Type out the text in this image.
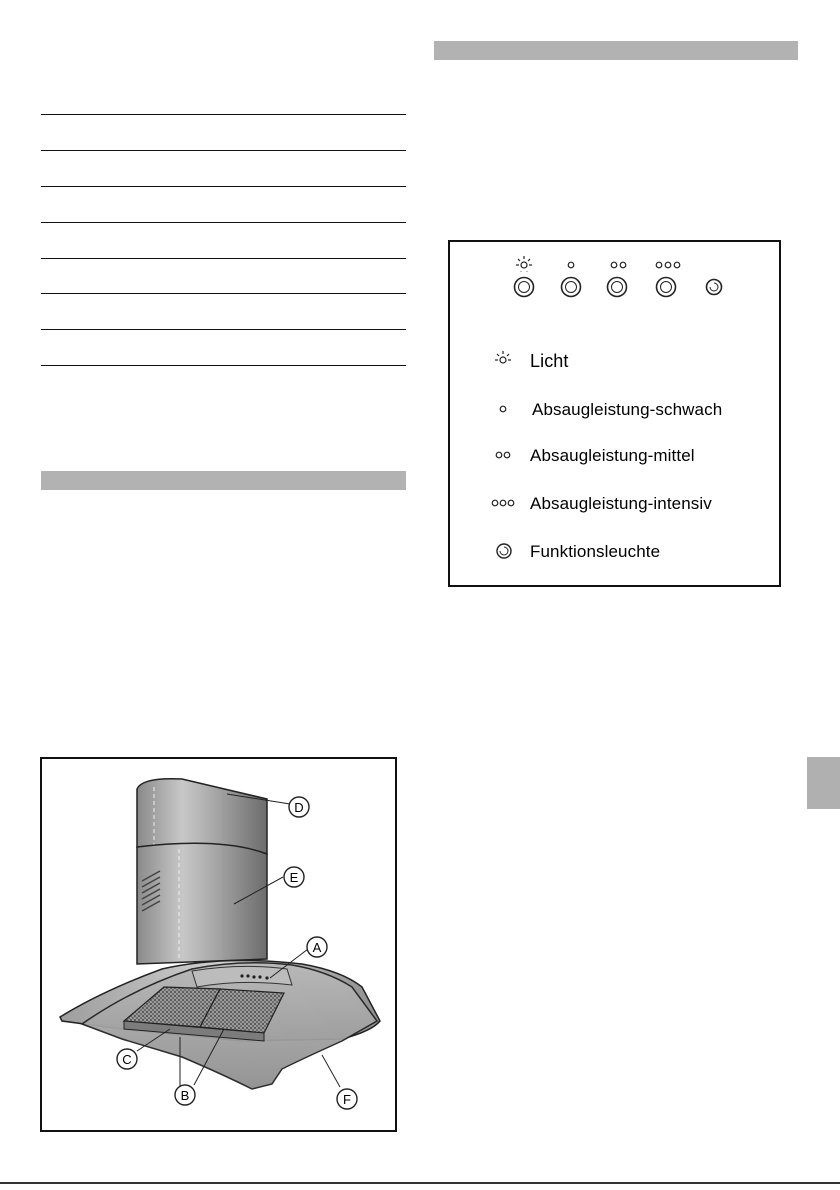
Licht
Absaugleistung-schwach
Absaugleistung-mittel
Absaugleistung-intensiv
Funktionsleuchte
D
E
A
C
B	F
